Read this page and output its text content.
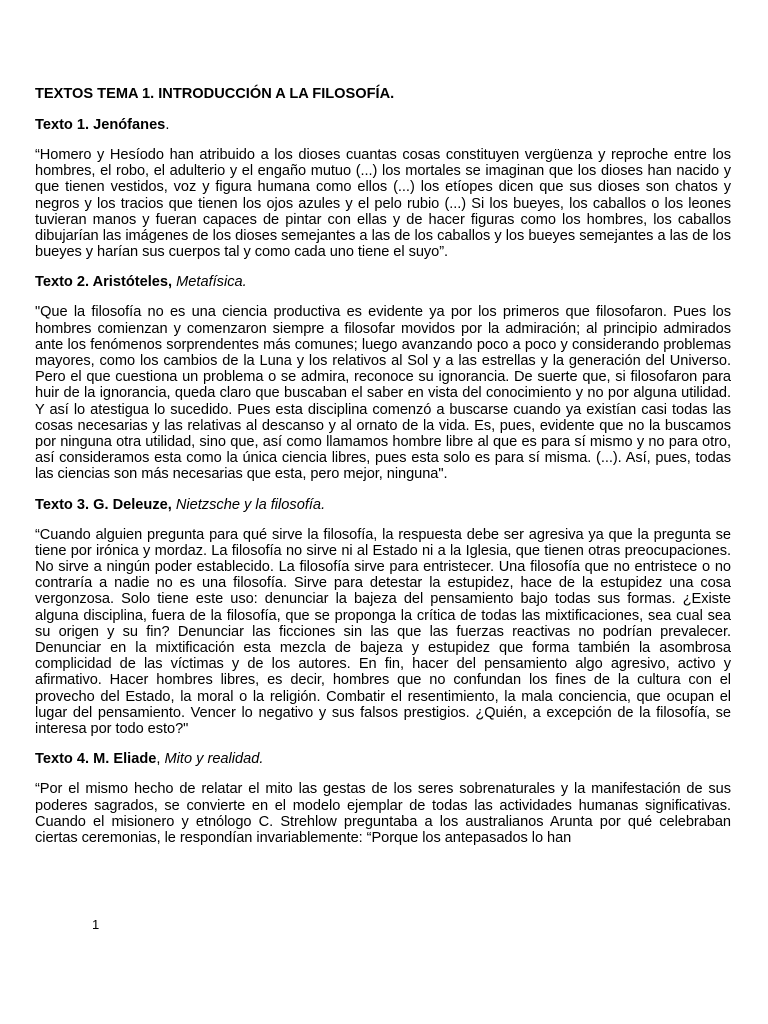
TEXTOS TEMA 1. INTRODUCCIÓN A LA FILOSOFÍA.

Texto 1. Jenófanes.

“Homero y Hesíodo han atribuido a los dioses cuantas cosas constituyen vergüenza y reproche entre los hombres, el robo, el adulterio y el engaño mutuo (...) los mortales se imaginan que los dioses han nacido y que tienen vestidos, voz y figura humana como ellos (...) los etíopes dicen que sus dioses son chatos y negros y los tracios que tienen los ojos azules y el pelo rubio (...) Si los bueyes, los caballos o los leones tuvieran manos y fueran capaces de pintar con ellas y de hacer figuras como los hombres, los caballos dibujarían las imágenes de los dioses semejantes a las de los caballos y los bueyes semejantes a las de los bueyes y harían sus cuerpos tal y como cada uno tiene el suyo”.

Texto 2. Aristóteles, Metafísica.

"Que la filosofía no es una ciencia productiva es evidente ya por los primeros que filosofaron. Pues los hombres comienzan y comenzaron siempre a filosofar movidos por la admiración; al principio admirados ante los fenómenos sorprendentes más comunes; luego avanzando poco a poco y considerando problemas mayores, como los cambios de la Luna y los relativos al Sol y a las estrellas y la generación del Universo. Pero el que cuestiona un problema o se admira, reconoce su ignorancia. De suerte que, si filosofaron para huir de la ignorancia, queda claro que buscaban el saber en vista del conocimiento y no por alguna utilidad. Y así lo atestigua lo sucedido. Pues esta disciplina comenzó a buscarse cuando ya existían casi todas las cosas necesarias y las relativas al descanso y al ornato de la vida. Es, pues, evidente que no la buscamos por ninguna otra utilidad, sino que, así como llamamos hombre libre al que es para sí mismo y no para otro, así consideramos esta como la única ciencia libres, pues esta solo es para sí misma. (...). Así, pues, todas las ciencias son más necesarias que esta, pero mejor, ninguna".

Texto 3. G. Deleuze, Nietzsche y la filosofía.

“Cuando alguien pregunta para qué sirve la filosofía, la respuesta debe ser agresiva ya que la pregunta se tiene por irónica y mordaz. La filosofía no sirve ni al Estado ni a la Iglesia, que tienen otras preocupaciones. No sirve a ningún poder establecido. La filosofía sirve para entristecer. Una filosofía que no entristece o no contraría a nadie no es una filosofía. Sirve para detestar la estupidez, hace de la estupidez una cosa vergonzosa. Solo tiene este uso: denunciar la bajeza del pensamiento bajo todas sus formas. ¿Existe alguna disciplina, fuera de la filosofía, que se proponga la crítica de todas las mixtificaciones, sea cual sea su origen y su fin? Denunciar las ficciones sin las que las fuerzas reactivas no podrían prevalecer. Denunciar en la mixtificación esta mezcla de bajeza y estupidez que forma también la asombrosa complicidad de las víctimas y de los autores. En fin, hacer del pensamiento algo agresivo, activo y afirmativo. Hacer hombres libres, es decir, hombres que no confundan los fines de la cultura con el provecho del Estado, la moral o la religión. Combatir el resentimiento, la mala conciencia, que ocupan el lugar del pensamiento. Vencer lo negativo y sus falsos prestigios. ¿Quién, a excepción de la filosofía, se interesa por todo esto?"

Texto 4. M. Eliade, Mito y realidad.

“Por el mismo hecho de relatar el mito las gestas de los seres sobrenaturales y la manifestación de sus poderes sagrados, se convierte en el modelo ejemplar de todas las actividades humanas significativas. Cuando el misionero y etnólogo C. Strehlow preguntaba a los australianos Arunta por qué celebraban ciertas ceremonias, le respondían invariablemente: “Porque los antepasados lo han

1
